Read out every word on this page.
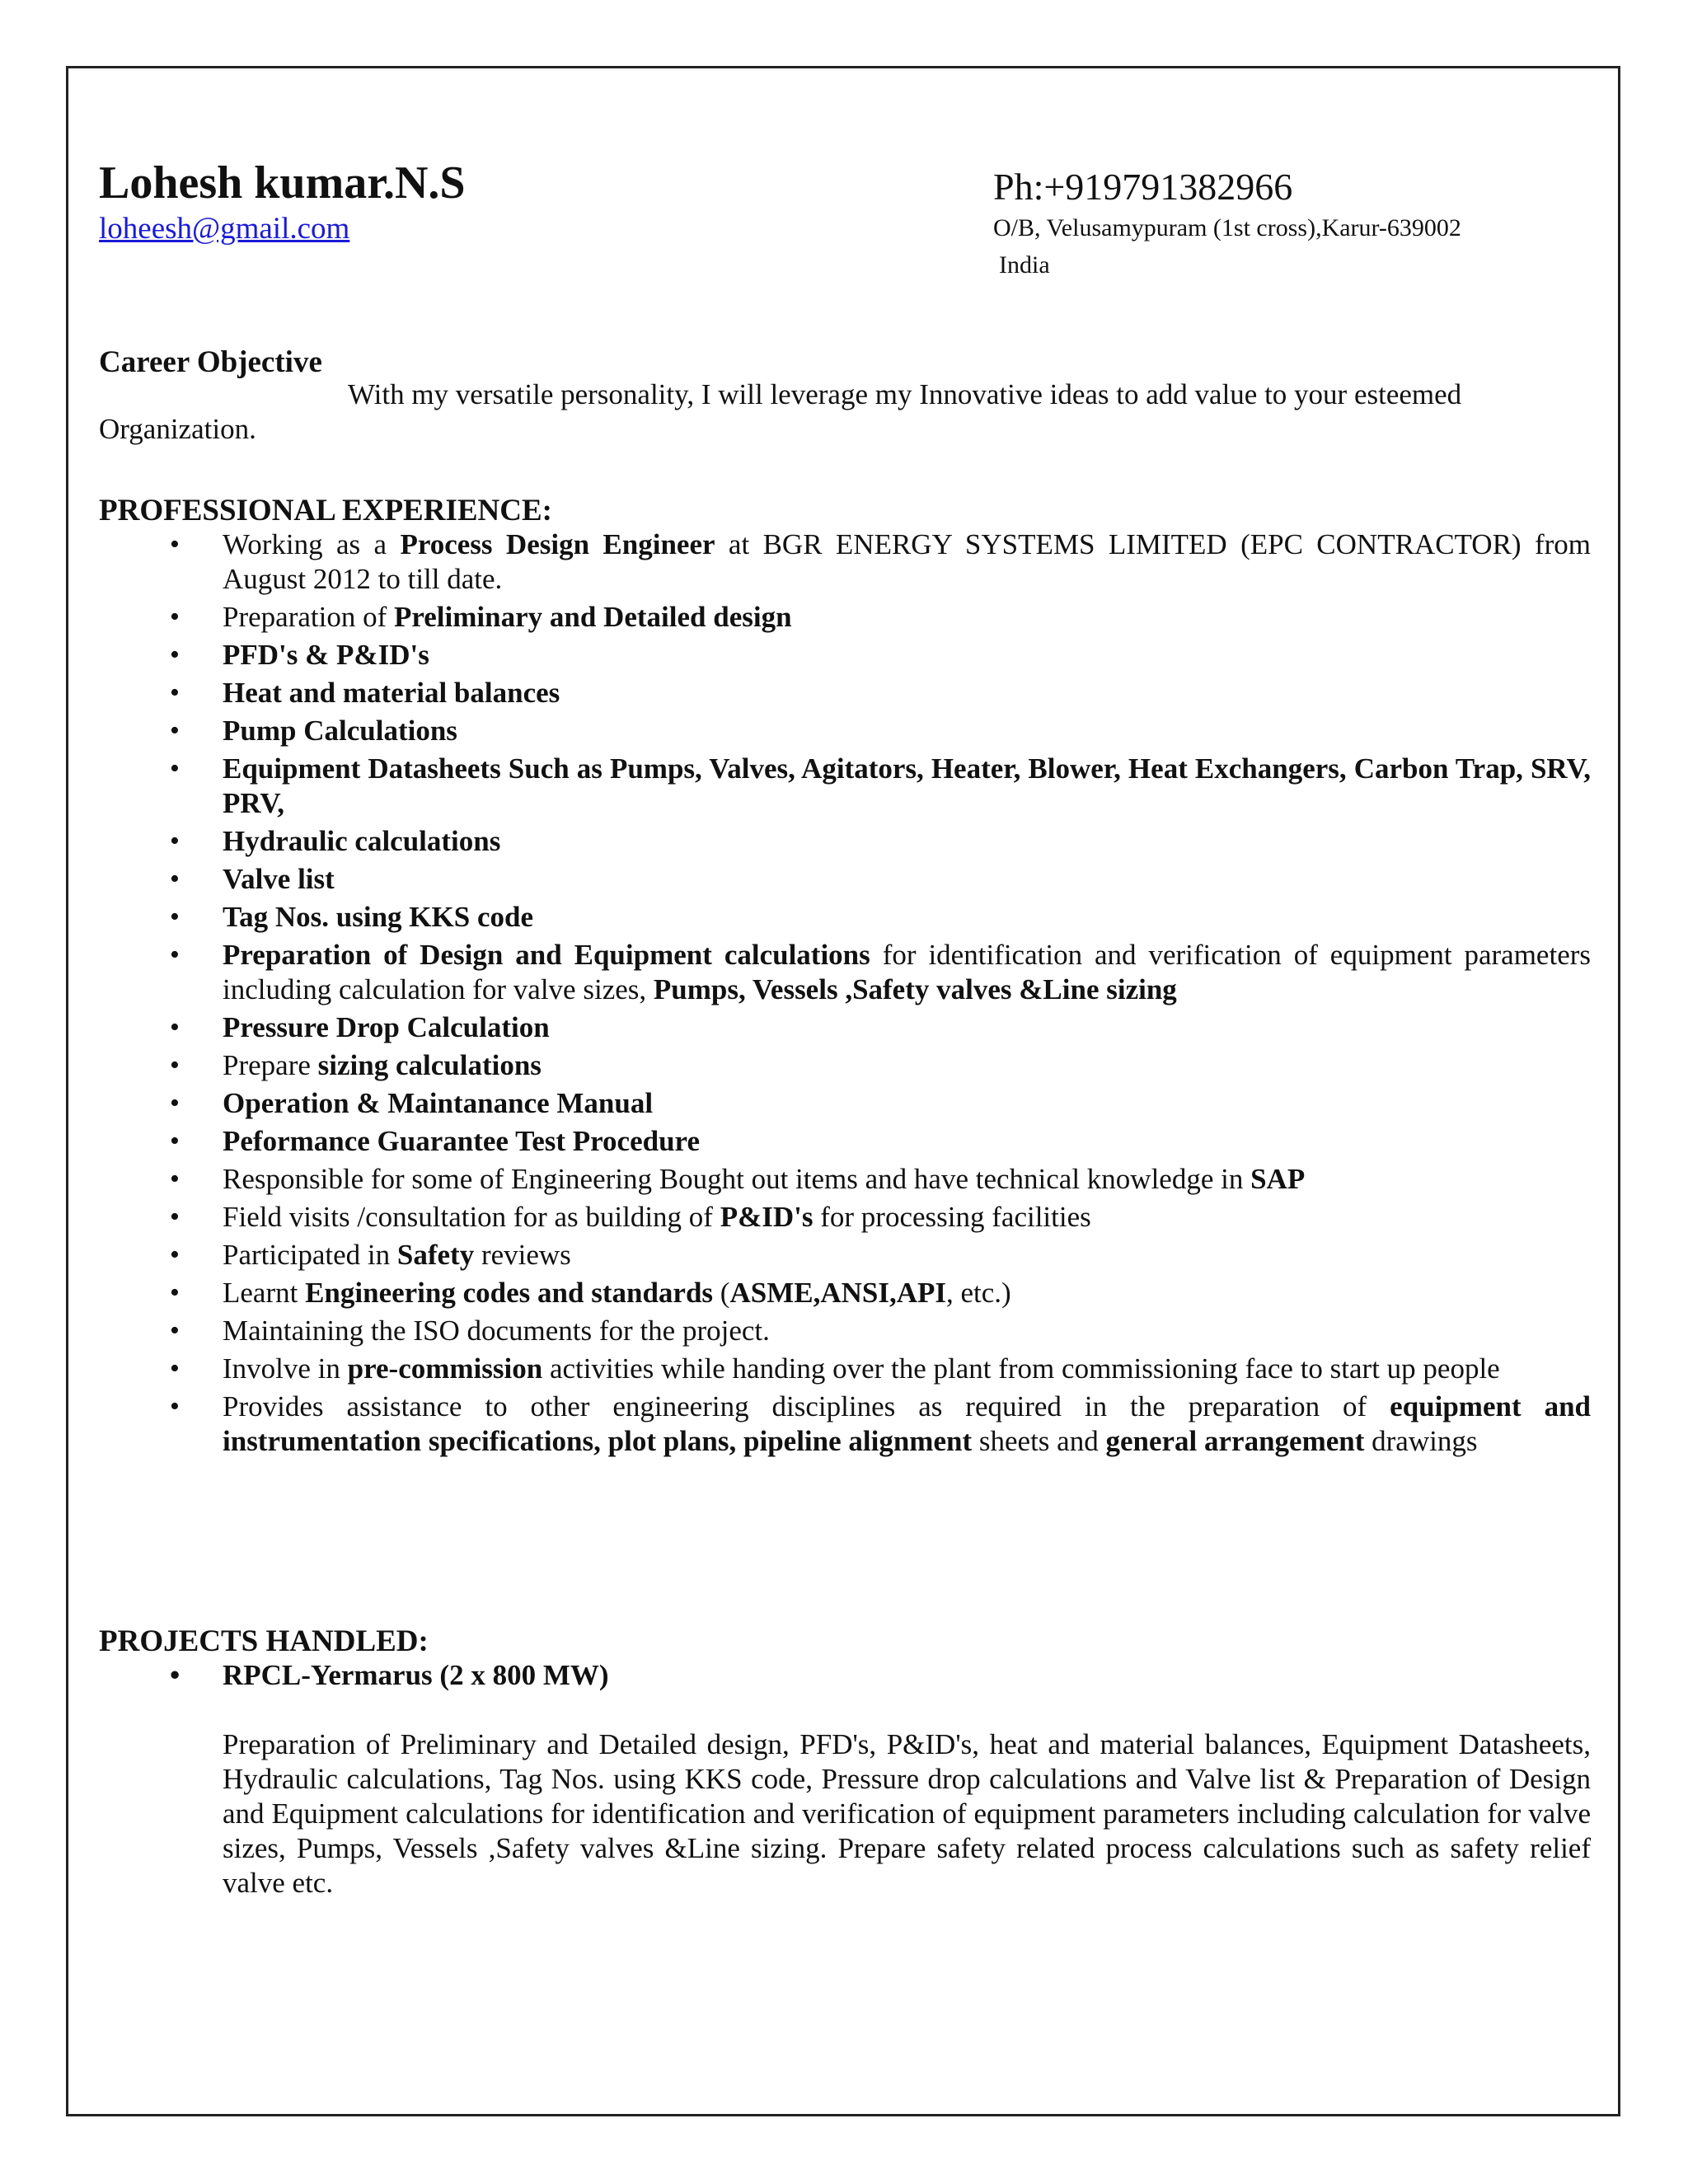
Lohesh kumar.N.S
loheesh@gmail.com
Ph:+919791382966
O/B, Velusamypuram (1st cross),Karur-639002
India
Career Objective
With my versatile personality, I will leverage my Innovative ideas to add value to your esteemed Organization.
PROFESSIONAL EXPERIENCE:
• Working as a Process Design Engineer at BGR ENERGY SYSTEMS LIMITED (EPC CONTRACTOR) from August 2012 to till date.
• Preparation of Preliminary and Detailed design
• PFD's & P&ID's
• Heat and material balances
• Pump Calculations
• Equipment Datasheets Such as Pumps, Valves, Agitators, Heater, Blower, Heat Exchangers, Carbon Trap, SRV, PRV,
• Hydraulic calculations
• Valve list
• Tag Nos. using KKS code
• Preparation of Design and Equipment calculations for identification and verification of equipment parameters including calculation for valve sizes, Pumps, Vessels ,Safety valves &Line sizing
• Pressure Drop Calculation
• Prepare sizing calculations
• Operation & Maintanance Manual
• Peformance Guarantee Test Procedure
• Responsible for some of Engineering Bought out items and have technical knowledge in SAP
• Field visits /consultation for as building of P&ID's for processing facilities
• Participated in Safety reviews
• Learnt Engineering codes and standards (ASME,ANSI,API, etc.)
• Maintaining the ISO documents for the project.
• Involve in pre-commission activities while handing over the plant from commissioning face to start up people
• Provides assistance to other engineering disciplines as required in the preparation of equipment and instrumentation specifications, plot plans, pipeline alignment sheets and general arrangement drawings
PROJECTS HANDLED:
• RPCL-Yermarus (2 x 800 MW)
Preparation of Preliminary and Detailed design, PFD's, P&ID's, heat and material balances, Equipment Datasheets, Hydraulic calculations, Tag Nos. using KKS code, Pressure drop calculations and Valve list & Preparation of Design and Equipment calculations for identification and verification of equipment parameters including calculation for valve sizes, Pumps, Vessels ,Safety valves &Line sizing. Prepare safety related process calculations such as safety relief valve etc.
